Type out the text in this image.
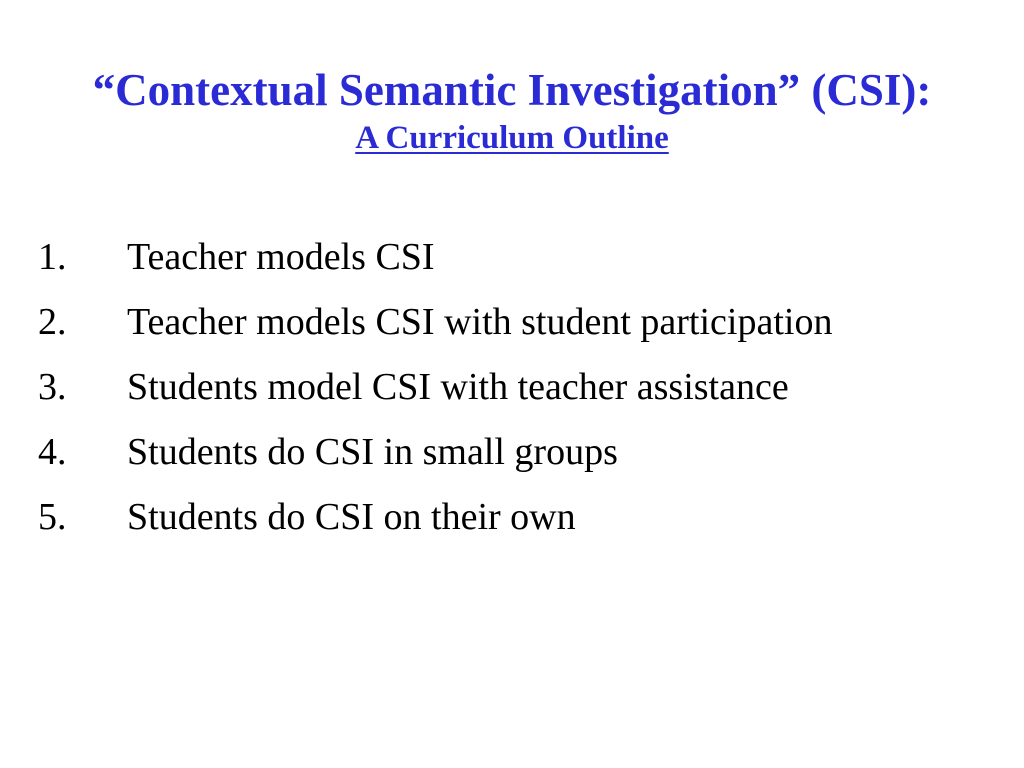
“Contextual Semantic Investigation” (CSI):
A Curriculum Outline
1. Teacher models CSI
2. Teacher models CSI with student participation
3. Students model CSI with teacher assistance
4. Students do CSI in small groups
5. Students do CSI on their own
